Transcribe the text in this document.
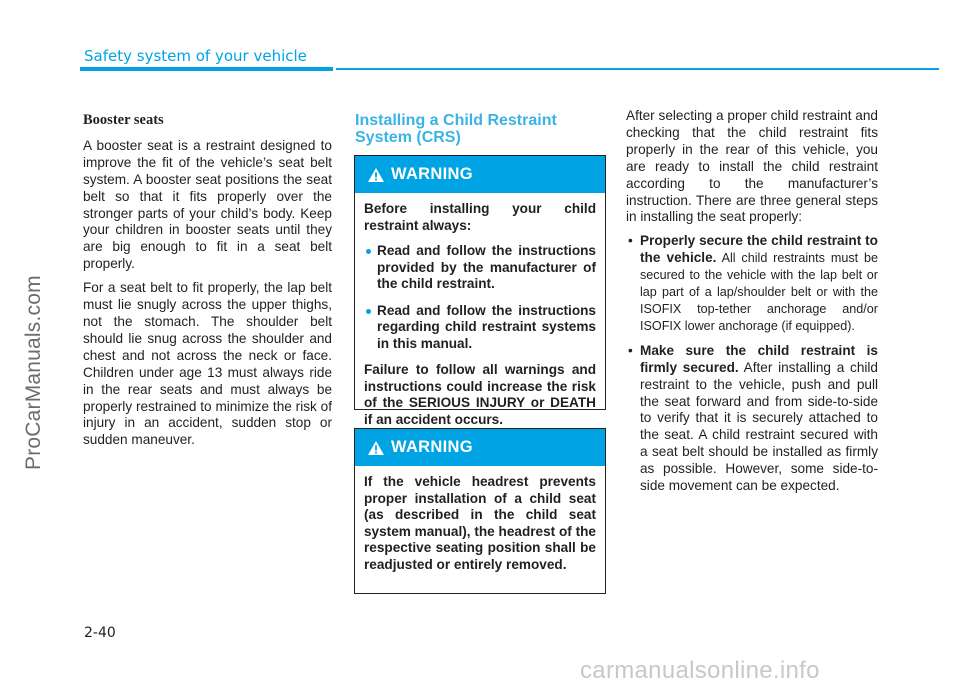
ProCarManuals.com
Safety system of your vehicle
Booster seats

A booster seat is a restraint designed to improve the fit of the vehicle’s seat belt system. A booster seat positions the seat belt so that it fits properly over the stronger parts of your child’s body. Keep your children in booster seats until they are big enough to fit in a seat belt properly.

For a seat belt to fit properly, the lap belt must lie snugly across the upper thighs, not the stomach. The shoulder belt should lie snug across the shoulder and chest and not across the neck or face. Children under age 13 must always ride in the rear seats and must always be properly restrained to minimize the risk of injury in an accident, sudden stop or sudden maneuver.

Installing a Child Restraint System (CRS)
WARNING

Before installing your child restraint always:

Read and follow the instructions provided by the manufacturer of the child restraint.
Read and follow the instructions regarding child restraint systems in this manual.

Failure to follow all warnings and instructions could increase the risk of the SERIOUS INJURY or DEATH if an accident occurs.

WARNING

If the vehicle headrest prevents proper installation of a child seat (as described in the child seat system manual), the headrest of the respective seating position shall be readjusted or entirely removed.

After selecting a proper child restraint and checking that the child restraint fits properly in the rear of this vehicle, you are ready to install the child restraint according to the manufacturer’s instruction. There are three general steps in installing the seat properly:

• Properly secure the child restraint to the vehicle. All child restraints must be secured to the vehicle with the lap belt or lap part of a lap/shoulder belt or with the ISOFIX top-tether anchorage and/or ISOFIX lower anchorage (if equipped).
• Make sure the child restraint is firmly secured. After installing a child restraint to the vehicle, push and pull the seat forward and from side-to-side to verify that it is securely attached to the seat. A child restraint secured with a seat belt should be installed as firmly as possible. However, some side-to-side movement can be expected.
2-40
carmanualsonline.info
